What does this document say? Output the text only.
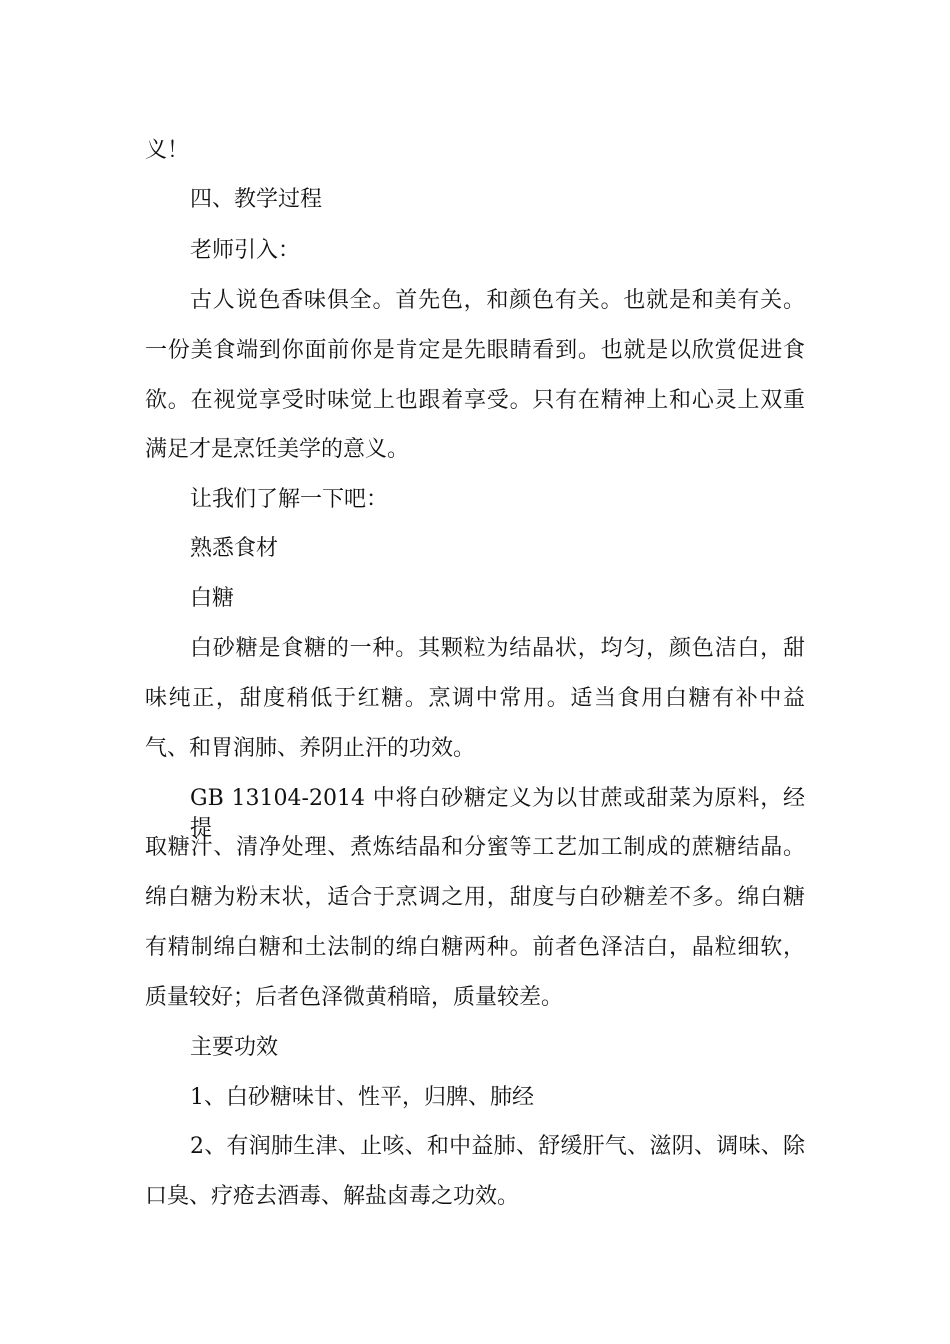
义！
四、教学过程
老师引入：
古人说色香味俱全。首先色，和颜色有关。也就是和美有关。
一份美食端到你面前你是肯定是先眼睛看到。也就是以欣赏促进食
欲。在视觉享受时味觉上也跟着享受。只有在精神上和心灵上双重
满足才是烹饪美学的意义。
让我们了解一下吧：
熟悉食材
白糖
白砂糖是食糖的一种。其颗粒为结晶状，均匀，颜色洁白，甜
味纯正，甜度稍低于红糖。烹调中常用。适当食用白糖有补中益
气、和胃润肺、养阴止汗的功效。
GB 13104-2014 中将白砂糖定义为以甘蔗或甜菜为原料，经提
取糖汁、清净处理、煮炼结晶和分蜜等工艺加工制成的蔗糖结晶。
绵白糖为粉末状，适合于烹调之用，甜度与白砂糖差不多。绵白糖
有精制绵白糖和土法制的绵白糖两种。前者色泽洁白，晶粒细软，
质量较好；后者色泽微黄稍暗，质量较差。
主要功效
1、白砂糖味甘、性平，归脾、肺经
2、有润肺生津、止咳、和中益肺、舒缓肝气、滋阴、调味、除
口臭、疗疮去酒毒、解盐卤毒之功效。
